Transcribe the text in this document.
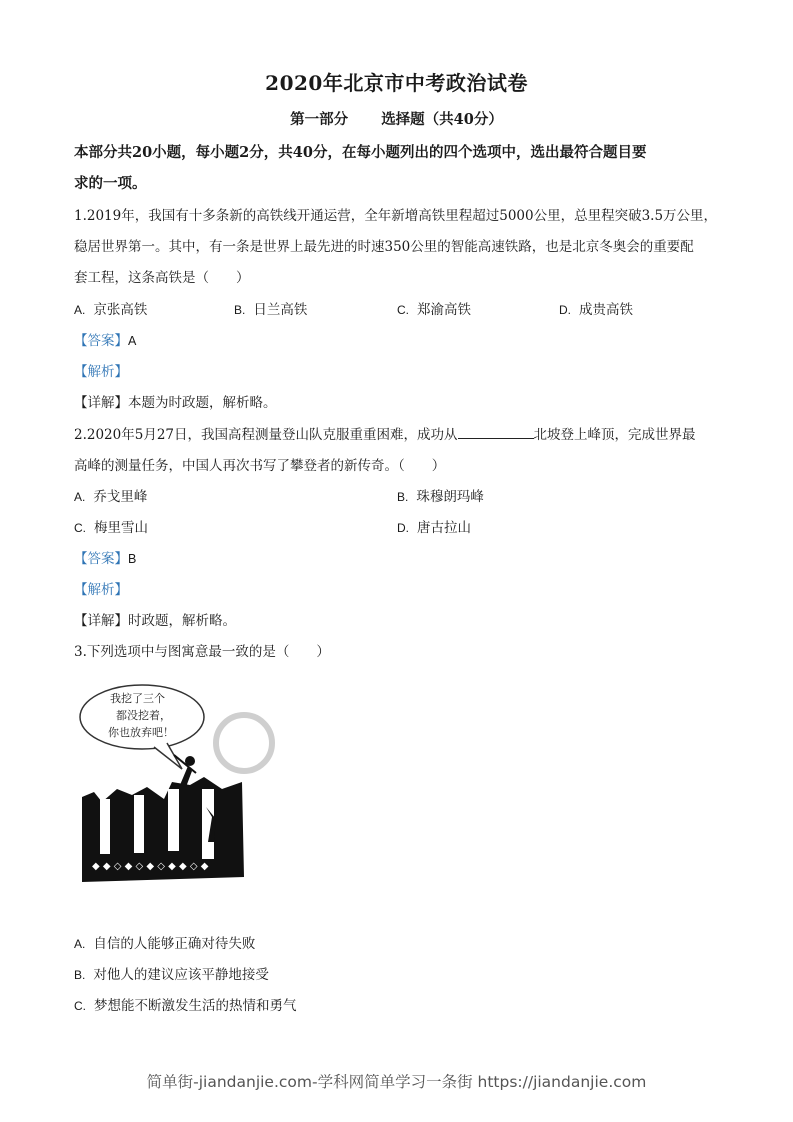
2020年北京市中考政治试卷
第一部分 选择题（共40分）
本部分共20小题，每小题2分，共40分，在每小题列出的四个选项中，选出最符合题目要
求的一项。
1.2019年，我国有十多条新的高铁线开通运营，全年新增高铁里程超过5000公里，总里程突破3.5万公里，
稳居世界第一。其中，有一条是世界上最先进的时速350公里的智能高速铁路，也是北京冬奥会的重要配
套工程，这条高铁是（　　）
A. 京张高铁	B. 日兰高铁	C. 郑渝高铁	D. 成贵高铁
【答案】A
【解析】
【详解】本题为时政题，解析略。
2.2020年5月27日，我国高程测量登山队克服重重困难，成功从	北坡登上峰顶，完成世界最
高峰的测量任务，中国人再次书写了攀登者的新传奇。（　　）
A. 乔戈里峰	B. 珠穆朗玛峰
C. 梅里雪山	D. 唐古拉山
【答案】B
【解析】
【详解】时政题，解析略。
3.下列选项中与图寓意最一致的是（　　）
我挖了三个
都没挖着，
你也放弃吧！
◆ ◆ ◇ ◆ ◇ ◆ ◇ ◆ ◆ ◇ ◆
A. 自信的人能够正确对待失败
B. 对他人的建议应该平静地接受
C. 梦想能不断激发生活的热情和勇气
简单街-jiandanjie.com-学科网简单学习一条街 https://jiandanjie.com
